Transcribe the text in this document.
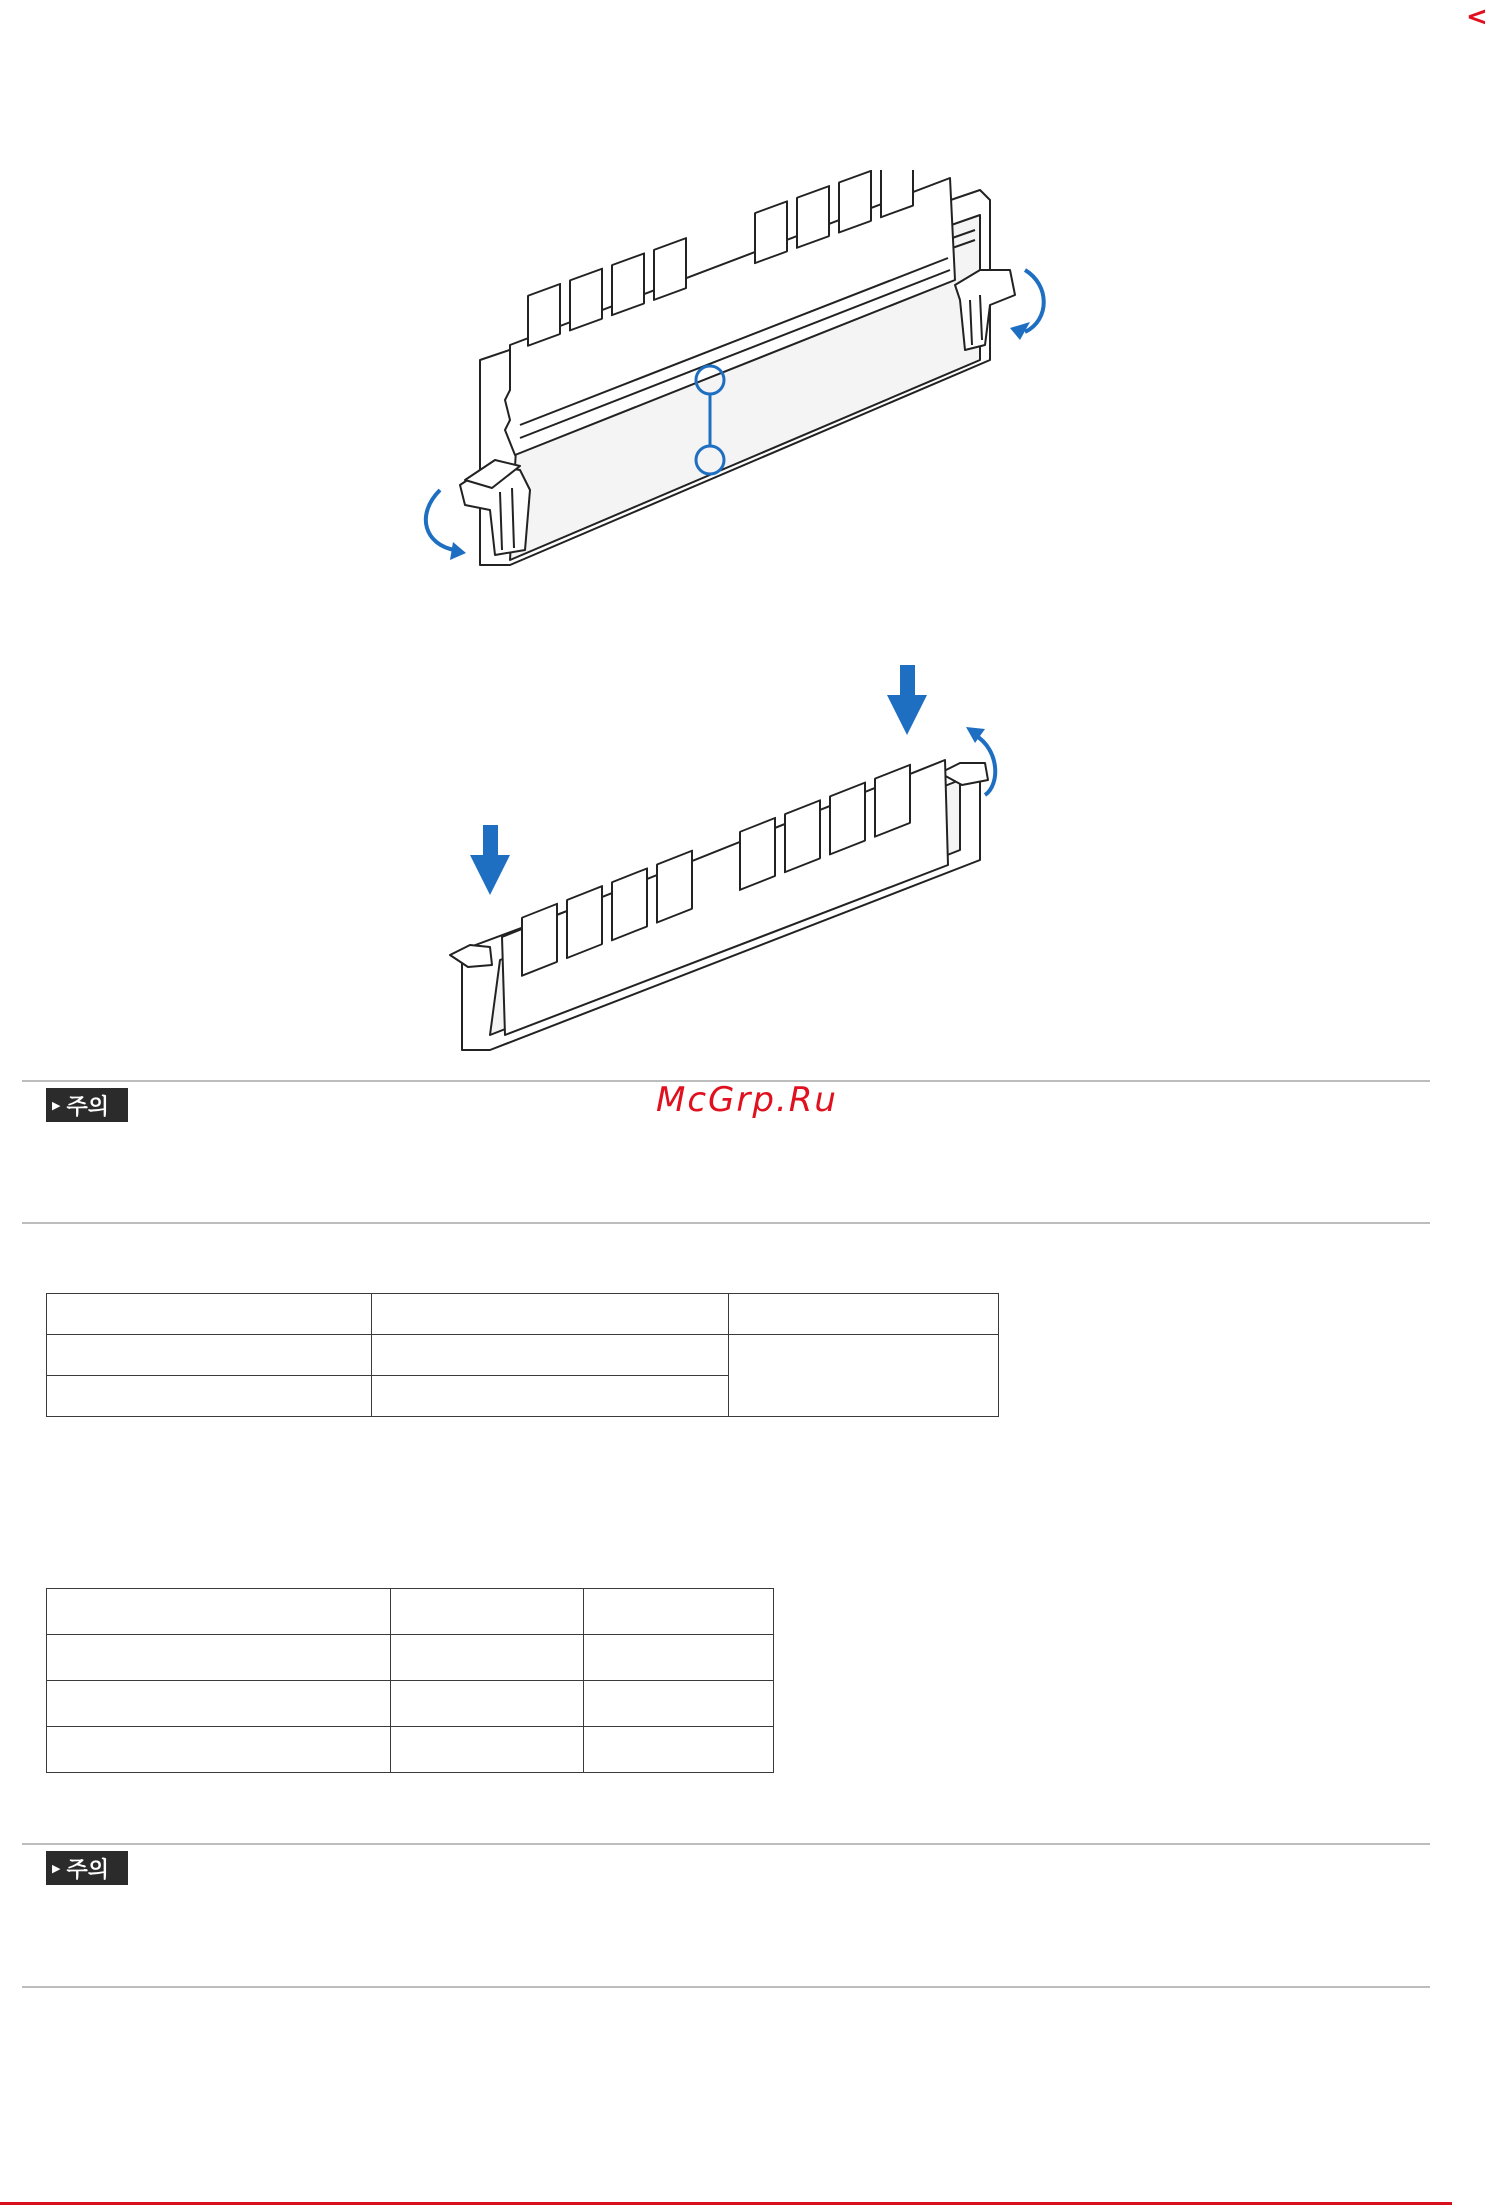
<
▶ 주의	McGrp.Ru

▶ 주의
